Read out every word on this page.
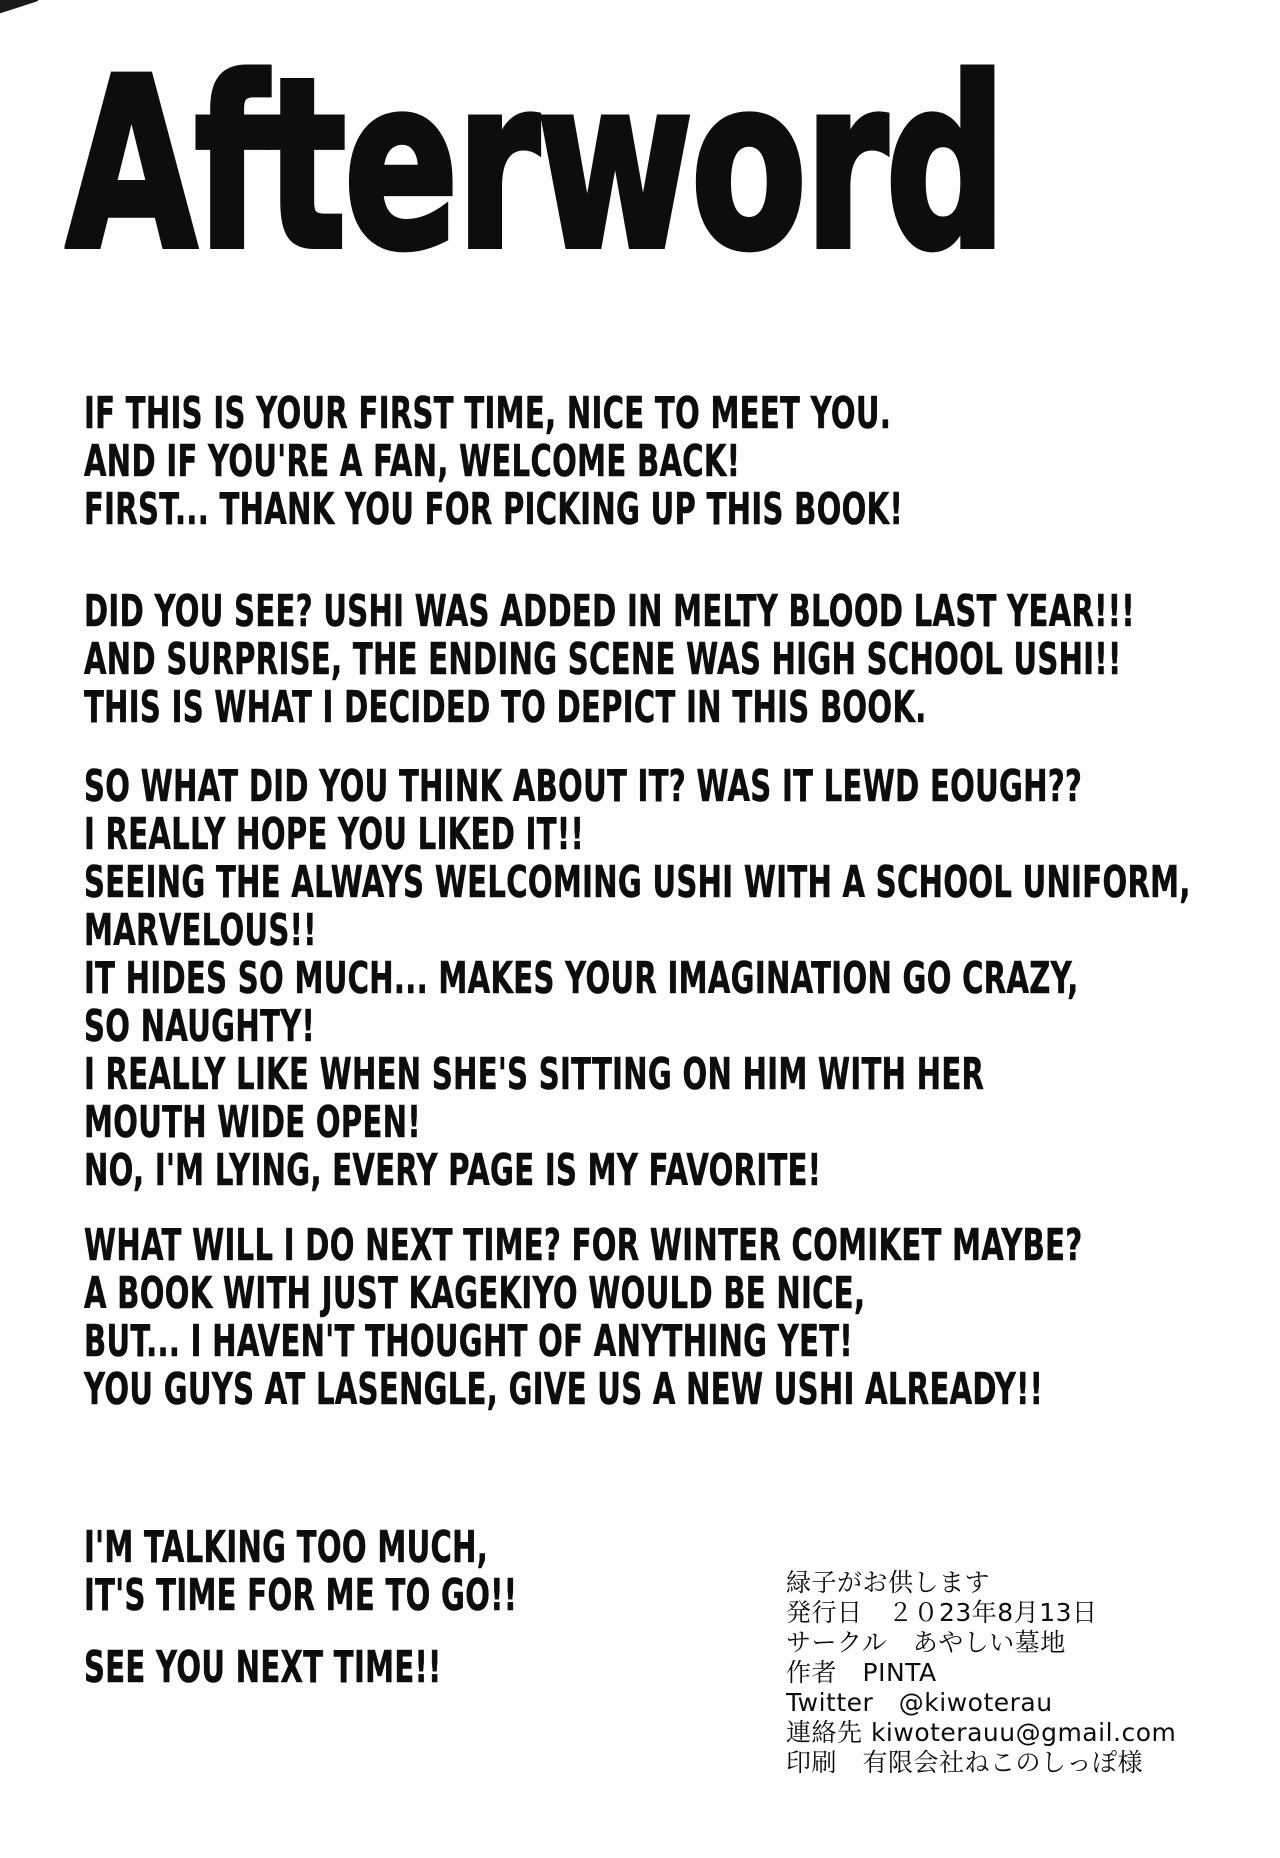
Afterword
IF THIS IS YOUR FIRST TIME, NICE TO MEET YOU.
AND IF YOU'RE A FAN, WELCOME BACK!
FIRST... THANK YOU FOR PICKING UP THIS BOOK!
DID YOU SEE? USHI WAS ADDED IN MELTY BLOOD LAST YEAR!!!
AND SURPRISE, THE ENDING SCENE WAS HIGH SCHOOL USHI!!
THIS IS WHAT I DECIDED TO DEPICT IN THIS BOOK.
SO WHAT DID YOU THINK ABOUT IT? WAS IT LEWD EOUGH??
I REALLY HOPE YOU LIKED IT!!
SEEING THE ALWAYS WELCOMING USHI WITH A SCHOOL UNIFORM,
MARVELOUS!!
IT HIDES SO MUCH... MAKES YOUR IMAGINATION GO CRAZY,
SO NAUGHTY!
I REALLY LIKE WHEN SHE'S SITTING ON HIM WITH HER
MOUTH WIDE OPEN!
NO, I'M LYING, EVERY PAGE IS MY FAVORITE!
WHAT WILL I DO NEXT TIME? FOR WINTER COMIKET MAYBE?
A BOOK WITH JUST KAGEKIYO WOULD BE NICE,
BUT... I HAVEN'T THOUGHT OF ANYTHING YET!
YOU GUYS AT LASENGLE, GIVE US A NEW USHI ALREADY!!
I'M TALKING TOO MUCH,
IT'S TIME FOR ME TO GO!!
SEE YOU NEXT TIME!!
緑子がお供します
発行日　２０23年8月13日
サークル　あやしい墓地
作者　PINTA
Twitter　@kiwoterau
連絡先 kiwoterauu@gmail.com
印刷　有限会社ねこのしっぽ様
